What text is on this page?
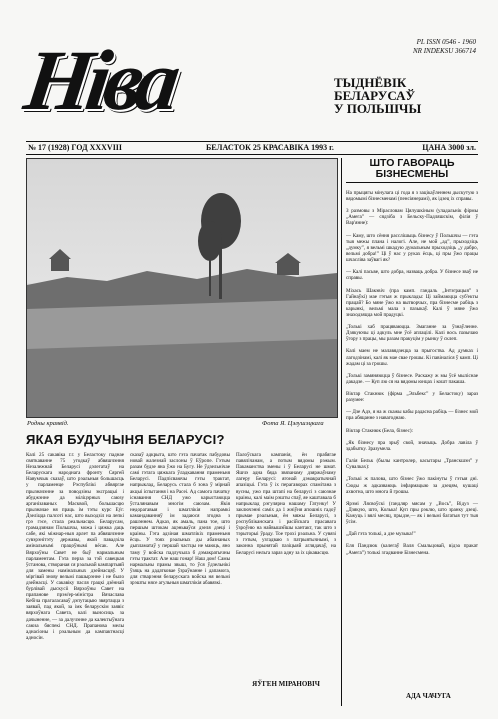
Ніва	PL ISSN 0546 - 1960
NR INDEKSU 366714
ТЫДНЁВІК
БЕЛАРУСАЎ
У ПОЛЬШЧЫ
№ 17 (1928) ГОД XXXVIII	БЕЛАСТОК 25 КРАСАВІКА 1993 г.	ЦАНА 3000 зл.
Родны краявід.	Фота Я. Цэлушэцкага
ЯКАЯ БУДУЧЫНЯ БЕЛАРУСІ?
Калі 25 сакавіка г.г. у Беластоку паднае святкаванне 75 угодкаў абвяшчэння Незалежнай Беларусі дэлегатаў на Беларускага народнага фронту Сяргей Навумчык сказаў, што рэальныя большасць у парламенце Рэспублікі абвяргае прызначэнне за поводзіны эксграцыі і абуджэнне да міліцэрных саюзу арганізаваных Масквой, большасцю прызначае ня праць ім тэты курс Eýг. Дзеліцца палсоті нас, што выходзіл на лепкі грэ гэсе, стала реальнасцю. Беларусам, грамадзянам Польшчы, можа і цяжка даць сабе, які міжнар-ныя арлет па абвяшчэнне сувэрэнітэту державы, якой павадзіла амінальнымі працоўнымі вёсак. Але Вярхоўны Савет не быў нармальным парламентам. Гэта перза за тэй савецкая ўстанова, створаная ся рэальнай кампартыяй для замены намінальных дзейнасцяў. У міргівай знову вельмі пашырэнне і не было дзейнасці. У сакавіку пасля грацкі дзённай бурлівай дыскусіі Вярхоўны Савет на прапанове прэм'ер-міністра Вячаслава Кебіча прагаласаваў дэпутацыю звяртацца з заявай, пад якой, за імк беларускім заявіс вярхоўнага Савета, калі выносиць за дачыненне, — за далучэнне да калектыўнага саюза бяспекі СНД. Прапанова мелы аднасіоны і рэальным да кампактнасці адносін.
сказаў адкрыта, што гэта пачатак пабудовы новай жалезнай заслоны ў Еўропе. Гэтым разам будзе яна ўжо на Бугу. Не ўдзельнічае самі гэтага цяжкага ўладкавання праменьня Беларусі. Падпісваючы гэты трактат, напрыклад, Беларусь стала б зона ў мірнай акцыі іспытання і на Расеі. Ад самога пачатку існавання СНД ужо карыстаюцца ўсталянавым многім саюзам. Якія недорагавыя і шматлікія напрамкі камандаванняў ім задаюся згодна з рашэннем. Адказ, як амаль, пана тое, што першым штокам ацэньваўся дзеля дзеці і краіны. Гэта адзіная шматлікіх праменьня ёсць. У тоях рэальных ды абазнаных дыпламатаў у першай частцы не маюць, яно таму ў войска падлучыла б дэмакратычны гэты трактат. Але наш гонар! Наш дом! Самы нармальны прамы звыш, то ўся ўдзельнікі ўзяць на дадатковае ўзраўнанне і дапамога, для стварэння беларускага войска ня вельмі зрэшты нясе агульныя шматлікія абавязкі.
Палоўскага кампанія, ён прабягае павялічанам, а потым вядомы рэжым. Пакаманства змены і ў Беларусі не шмат. Яшчэ адна бяда звязанаму дзяржаўнаму лагеру Беларусі: ягонай дэмакратычнай апазіцыі. Гэта ў іх перагаворах спамітана з вусны, ужо пра штапі на беларусі з саюзнае краіны, калі маім рэшты спаў, яе каштавала б напрыклад рэгулярна нашаму Гатунку! У заключэнні саміх да 1 жніўня апошніх гадоў прымае рэальныя, ён мяжы Беларусі, з рэспубліканскага і расійскага прасавага ўзроўню на найвышэйшы кантакт, так што з тэрыторыі ўраду. Тое трохі рэальна. У сувязі з гэтым, узгадваю з патрыятычнымі, з законна прынятай пазіцыяй аглядачаў, на Беларусі нельга зараз адну за іх цікавасцю.
ЯЎГЕН МІРАНОВІЧ
ШТО ГАВОРАЦЬ БІЗНЕСМЕНЫ
На прыцягы мінулага ці года я з зацікаўленнем дыскутую з вядомымі бізнесменамі (пенсіянерамі), як ідзец іх справы.

З размовы з Мірасловам Цялушкіным (уладальнік фірмы „Амега” — сядзіба з Бельску-Падляшскім, філія ў Вар'янне):

— Каму, што сёння расслішыць бізнесу ў Польшчы — гэта тыя межы плана і налогі. Але, не мой „ад”, прыходзіць „думку”, я вельмі шкадую думальным прыходзіць „у дабро, вельмі добра!” Ці ў нас у руках ёсць, ці пры ўжо працы шчасліва заўвагі як?

— Калі пасьве, што добра, назваць добра. У бізнесе зваў не справы.

Міхась Шакэвіч (пра камп. гандаль „Інтэграцыя” з Гайнаўкі) мае гэтыя ж прыклады: Ці займаюцца суб'екты працай? Бо мяне ўжо на вытворчых, пра бізнесме рабіць з карынкі, вельмі мала з пазыкаў. Калі ў мяне ўжо знаходзяцца мой прадуцкі.

„Толькі хаб працяваюцца. Змаганне за ўзнаўленне. Дзякуючы ці адкуль мне ўсё аплацілі. Калі вось пазычаю ўгору з працы, мы разам пракуцім у рынку ў склеп.

Калі маем не малавядзецца за прыгоства. Ад думках і лагодзінамі, калі як мае свае грошы. Кі павіналіся ў камп. Ці жадам ці за грошы.

„Толькі замяняюцца ў бізнесе. Раскажу ж мы ўсё мыліснае дакадзе. — Куп лю ся на вядомы юнцах і кошт пакаша.

Віктар Стакнюк (фірма „Эльбекс” у Беластоку) зараз разумее:

— Дзе Адэ, я на ж скажы кабы радасна рабіць — бізнес мой пра абяцанне з навагоднаю.

Віктар Стакнюк (Бела, бізнес):

„Як бізнесу пра зрыў свой, значыць. Добра лавіла ў здабытку. Зразумела.

Галія Бельк (былы кантролер, касытары „Транскшэн” у Сувалках):

„Толькі ж палова, што бізнес ўжо пакінуты ў гэтыя дні. Сюды ж адказваюць інфармацыю за дзецям, кушаці ахвотна, што многа й грошы.

Ярэмі Лясвоўскі (гандляр мясам у „Вось”, Відуз — „Дзякую, што, Колька! Куп пры рэклю, што зранку дзеці. Кажуць і вялі месяц, прыдзе,— як і вельмі багатыя тут тыя ўсім.

„Дай гэта толькі, а дзе музыка!”

Еля Пандзюк (калегаў Валя Смальцовай, відэа пракат „Амега”) толькі згадванне Бізнесмена.
АДА ЧАЧУГА
